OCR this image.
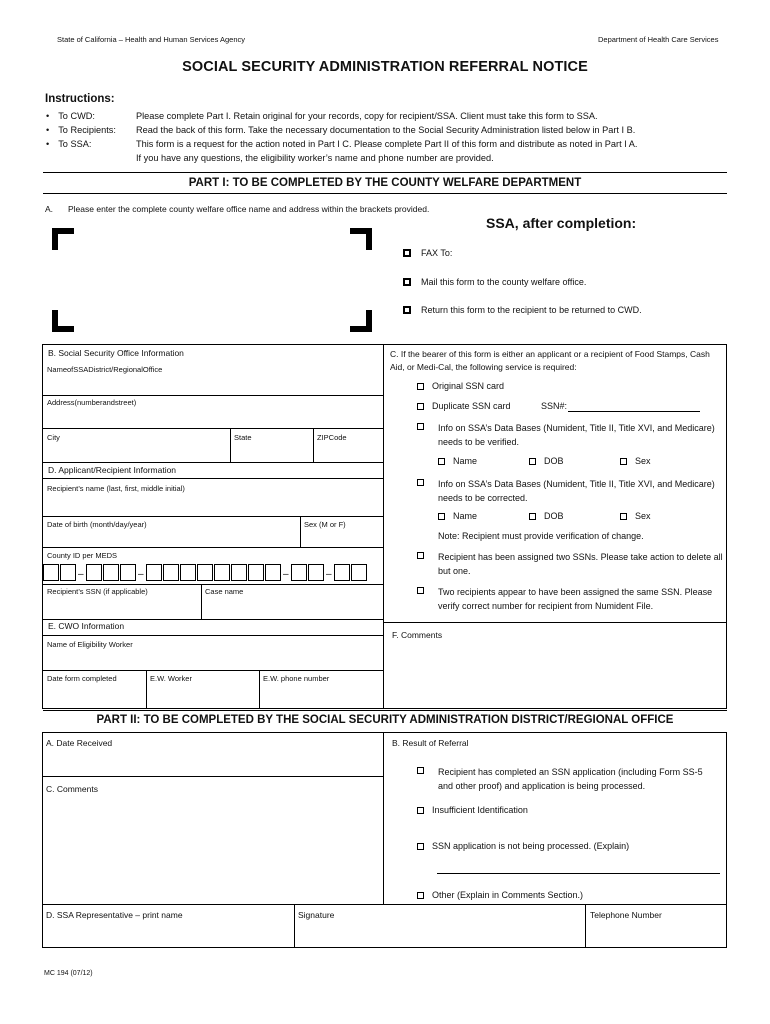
State of California – Health and Human Services Agency	Department of Health Care Services
SOCIAL SECURITY ADMINISTRATION REFERRAL NOTICE
Instructions:
• To CWD:	Please complete Part I. Retain original for your records, copy for recipient/SSA. Client must take this form to SSA.
• To Recipients: Read the back of this form. Take the necessary documentation to the Social Security Administration listed below in Part I B.
• To SSA:	This form is a request for the action noted in Part I C. Please complete Part II of this form and distribute as noted in Part I A.
If you have any questions, the eligibility worker’s name and phone number are provided.
PART I: TO BE COMPLETED BY THE COUNTY WELFARE DEPARTMENT
A. Please enter the complete county welfare office name and address within the brackets provided.
SSA, after completion:
FAX To:
Mail this form to the county welfare office.
Return this form to the recipient to be returned to CWD.
B. Social Security Office Information
NameofSSADistrict/RegionalOffice
Address(numberandstreet)
City	State	ZIPCode
D. Applicant/Recipient Information
Recipient’s name (last, first, middle initial)
Date of birth (month/day/year)	Sex (M or F)
County ID per MEDS
–	–	–	–
Recipient’s SSN (if applicable)	Case name
E. CWO Information
Name of Eligibility Worker
Date form completed	E.W. Worker	E.W. phone number
C. If the bearer of this form is either an applicant or a recipient of Food Stamps, Cash Aid, or Medi-Cal, the following service is required:
Original SSN card
Duplicate SSN card	SSN#:
Info on SSA’s Data Bases (Numident, Title II, Title XVI, and Medicare) needs to be verified.
Name	DOB	Sex
Info on SSA’s Data Bases (Numident, Title II, Title XVI, and Medicare) needs to be corrected.
Name	DOB	Sex
Note: Recipient must provide verification of change.
Recipient has been assigned two SSNs. Please take action to delete all but one.
Two recipients appear to have been assigned the same SSN. Please verify correct number for recipient from Numident File.
F. Comments
PART II: TO BE COMPLETED BY THE SOCIAL SECURITY ADMINISTRATION DISTRICT/REGIONAL OFFICE
A. Date Received
C. Comments
B. Result of Referral
Recipient has completed an SSN application (including Form SS-5 and other proof) and application is being processed.
Insufficient Identification
SSN application is not being processed. (Explain)
Other (Explain in Comments Section.)
D. SSA Representative – print name	Signature	Telephone Number
MC 194 (07/12)
